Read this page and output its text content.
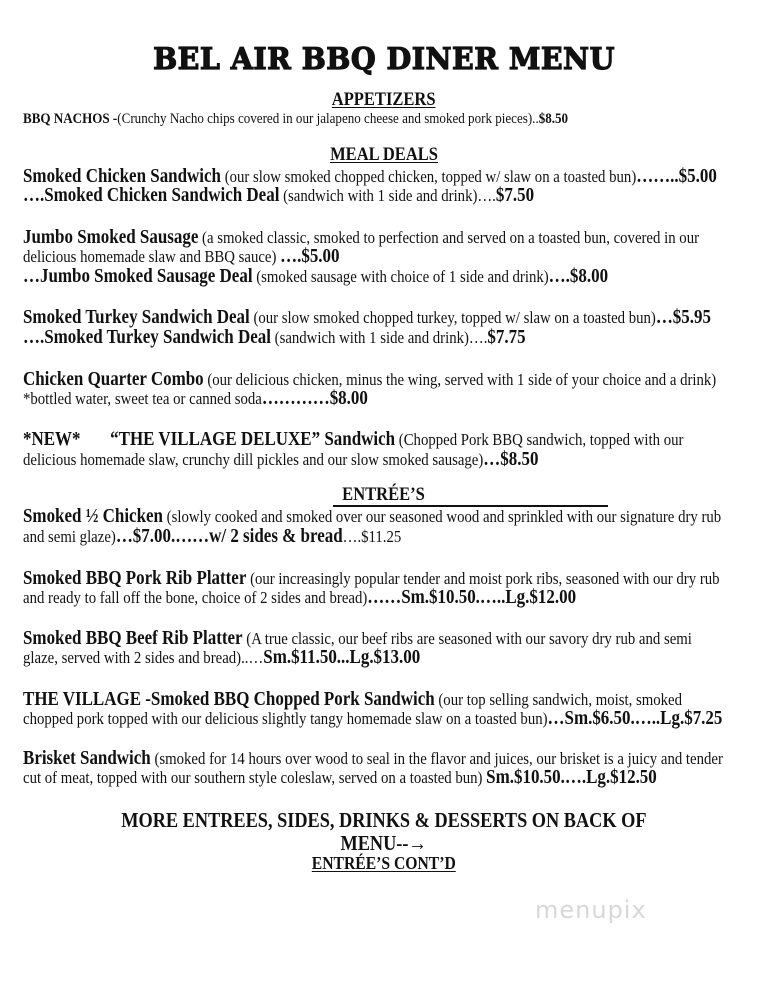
BEL AIR BBQ DINER MENU
APPETIZERS
MEAL DEALS
ENTRÉE’S
BBQ NACHOS -(Crunchy Nacho chips covered in our jalapeno cheese and smoked pork pieces)..$8.50
Smoked Chicken Sandwich (our slow smoked chopped chicken, topped w/ slaw on a toasted bun)……..$5.00
….Smoked Chicken Sandwich Deal (sandwich with 1 side and drink)….$7.50
Jumbo Smoked Sausage (a smoked classic, smoked to perfection and served on a toasted bun, covered in our
delicious homemade slaw and BBQ sauce) ….$5.00
…Jumbo Smoked Sausage Deal (smoked sausage with choice of 1 side and drink)….$8.00
Smoked Turkey Sandwich Deal (our slow smoked chopped turkey, topped w/ slaw on a toasted bun)…$5.95
….Smoked Turkey Sandwich Deal (sandwich with 1 side and drink)….$7.75
Chicken Quarter Combo (our delicious chicken, minus the wing, served with 1 side of your choice and a drink)
*bottled water, sweet tea or canned soda…………$8.00
*NEW*       “THE VILLAGE DELUXE” Sandwich (Chopped Pork BBQ sandwich, topped with our
delicious homemade slaw, crunchy dill pickles and our slow smoked sausage)…$8.50
Smoked ½ Chicken (slowly cooked and smoked over our seasoned wood and sprinkled with our signature dry rub
and semi glaze)…$7.00.……w/ 2 sides & bread….$11.25
Smoked BBQ Pork Rib Platter (our increasingly popular tender and moist pork ribs, seasoned with our dry rub
and ready to fall off the bone, choice of 2 sides and bread)……Sm.$10.50.…..Lg.$12.00
Smoked BBQ Beef Rib Platter (A true classic, our beef ribs are seasoned with our savory dry rub and semi
glaze, served with 2 sides and bread)..…Sm.$11.50...Lg.$13.00
THE VILLAGE -Smoked BBQ Chopped Pork Sandwich (our top selling sandwich, moist, smoked
chopped pork topped with our delicious slightly tangy homemade slaw on a toasted bun)…Sm.$6.50.…..Lg.$7.25
Brisket Sandwich (smoked for 14 hours over wood to seal in the flavor and juices, our brisket is a juicy and tender
cut of meat, topped with our southern style coleslaw, served on a toasted bun) Sm.$10.50.….Lg.$12.50
MORE ENTREES, SIDES, DRINKS & DESSERTS ON BACK OF
MENU--→
ENTRÉE’S CONT’D
menupix
